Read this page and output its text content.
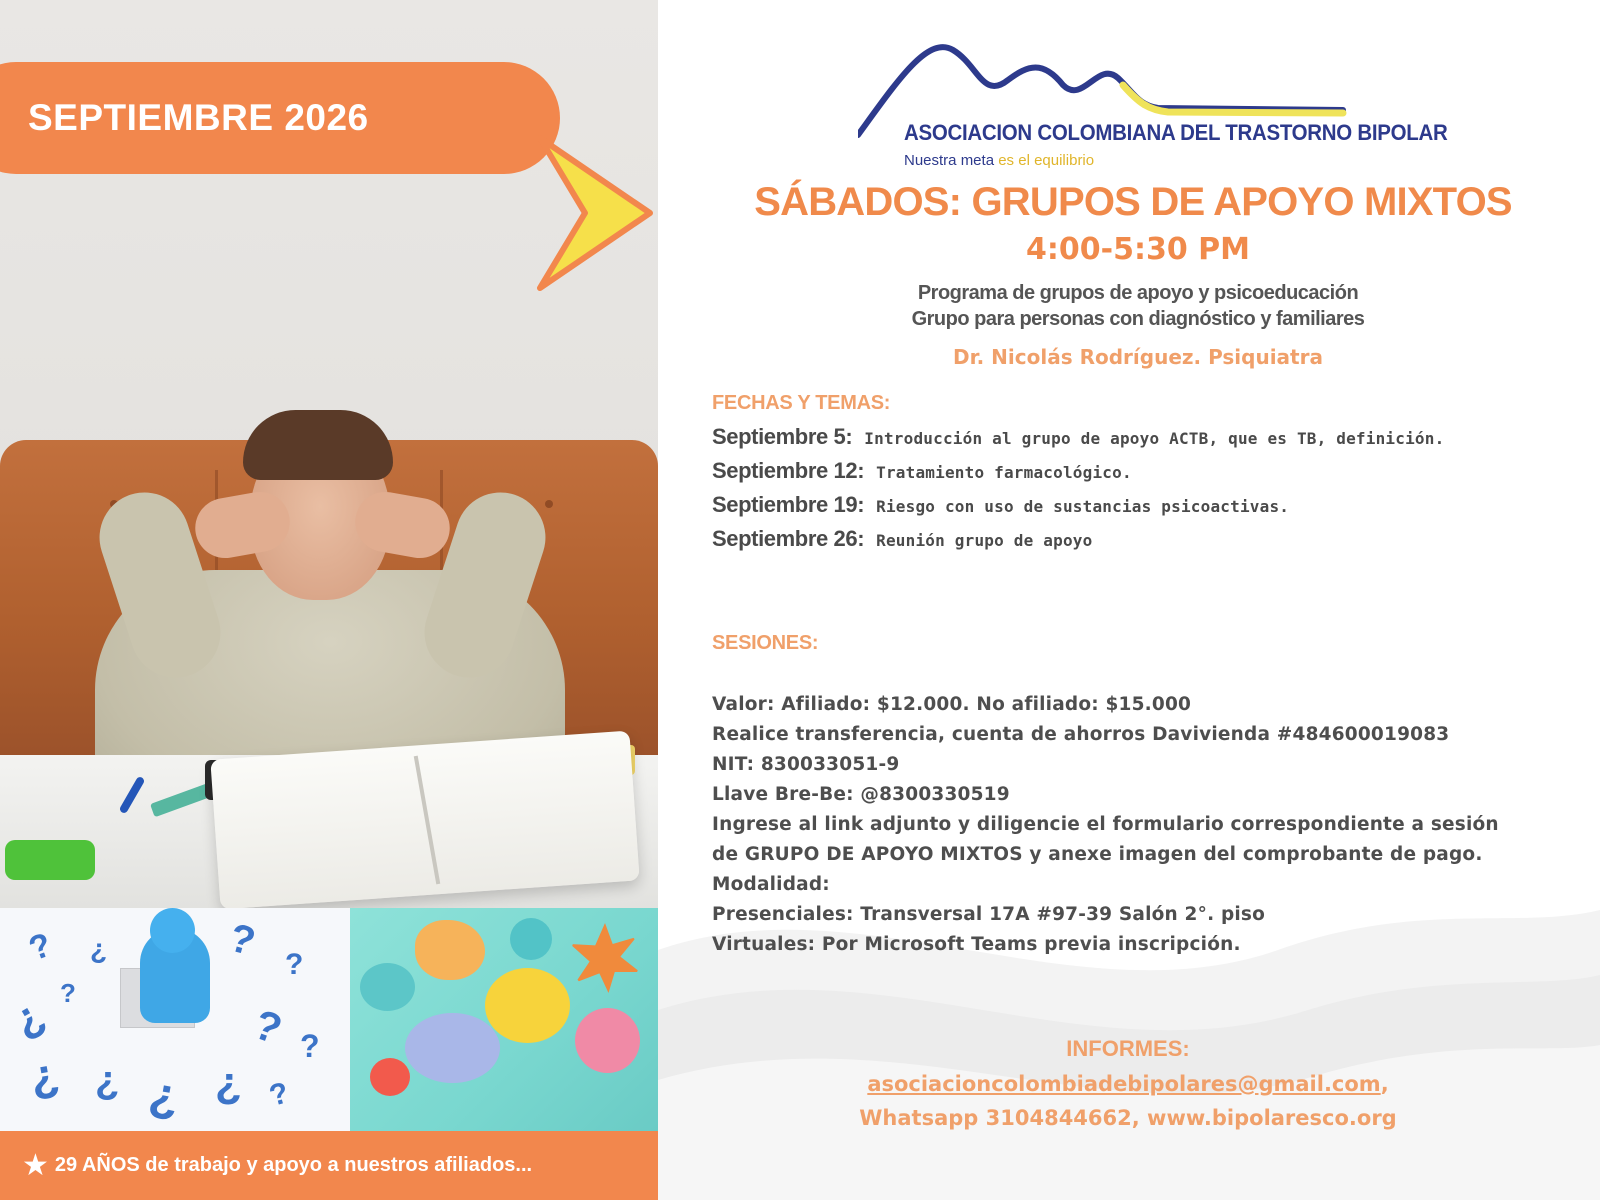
? ¿	?
?
¿ ?
? ?
¿ ¿ ¿ ¿ ?
★ 29 AÑOS de trabajo y apoyo a nuestros afiliados...
SEPTIEMBRE 2026	ASOCIACION COLOMBIANA DEL TRASTORNO BIPOLAR
Nuestra meta es el equilibrio
SÁBADOS: GRUPOS DE APOYO MIXTOS
4:00-5:30 PM
Programa de grupos de apoyo y psicoeducación
Grupo para personas con diagnóstico y familiares
Dr. Nicolás Rodríguez. Psiquiatra
FECHAS Y TEMAS:
Septiembre 5: Introducción al grupo de apoyo ACTB, que es TB, definición.
Septiembre 12: Tratamiento farmacológico.
Septiembre 19: Riesgo con uso de sustancias psicoactivas.
Septiembre 26: Reunión grupo de apoyo
SESIONES:
Valor: Afiliado: $12.000. No afiliado: $15.000
Realice transferencia, cuenta de ahorros Davivienda #484600019083
NIT: 830033051-9
Llave Bre-Be: @8300330519
Ingrese al link adjunto y diligencie el formulario correspondiente a sesión
de GRUPO DE APOYO MIXTOS y anexe imagen del comprobante de pago.
Modalidad:
Presenciales: Transversal 17A #97-39 Salón 2°. piso
Virtuales: Por Microsoft Teams previa inscripción.
INFORMES:
asociacioncolombiadebipolares@gmail.com,
Whatsapp 3104844662, www.bipolaresco.org
